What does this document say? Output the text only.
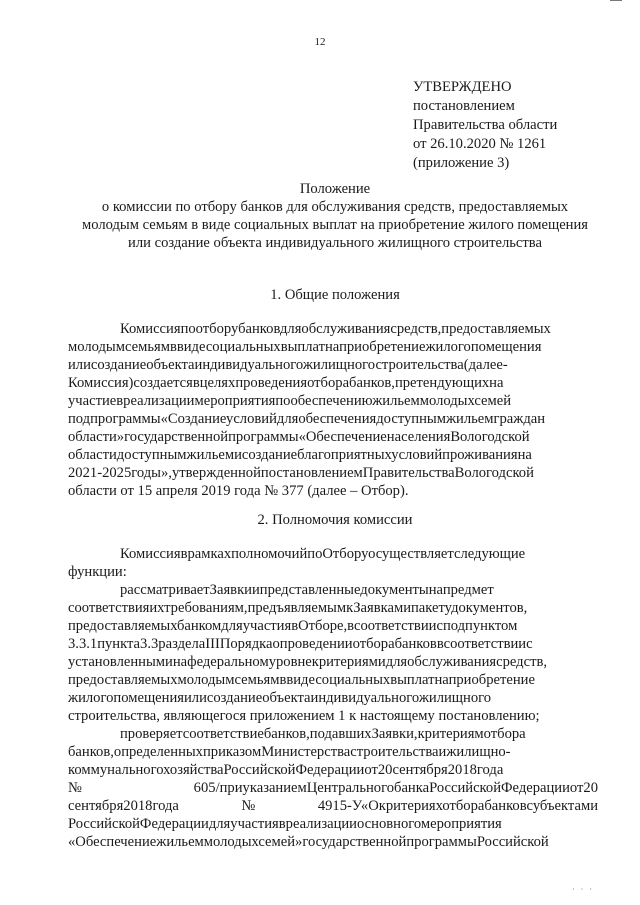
12
УТВЕРЖДЕНО
постановлением
Правительства области
от 26.10.2020 № 1261
(приложение 3)
Положение
о комиссии по отбору банков для обслуживания средств, предоставляемых
молодым семьям в виде социальных выплат на приобретение жилого помещения
или создание объекта индивидуального жилищного строительства
1. Общие положения
Комиссияпоотборубанковдляобслуживаниясредств,предоставляемых
молодымсемьямввидесоциальныхвыплатнаприобретениежилогопомещения
илисозданиеобъектаиндивидуальногожилищногостроительства(далее-
Комиссия)создаетсявцеляхпроведенияотборабанков,претендующихна
участиевреализациимероприятияпообеспечениюжильеммолодыхсемей
подпрограммы«Созданиеусловийдляобеспечениядоступнымжильемграждан
области»государственнойпрограммы«ОбеспечениенаселенияВологодской
областидоступнымжильемисозданиеблагоприятныхусловийпроживанияна
2021-2025годы»,утвержденнойпостановлениемПравительстваВологодской
области от 15 апреля 2019 года № 377 (далее – Отбор).
2. Полномочия комиссии
КомиссияврамкахполномочийпоОтборуосуществляетследующие
функции:
рассматриваетЗаявкиипредставленныедокументынапредмет
соответствияихтребованиям,предъявляемымкЗаявкамипакетудокументов,
предоставляемыхбанкомдляучастиявОтборе,всоответствиисподпунктом
3.3.1пункта3.3разделаIIIПорядкаопроведенииотборабанковвсоответствиис
установленныминафедеральномуровнекритериямидляобслуживаниясредств,
предоставляемыхмолодымсемьямввидесоциальныхвыплатнаприобретение
жилогопомещенияилисозданиеобъектаиндивидуальногожилищного
строительства, являющегося приложением 1 к настоящему постановлению;
проверяетсоответствиебанков,подавшихЗаявки,критериямотбора
банков,определенныхприказомМинистерствастроительстваижилищно-
коммунальногохозяйстваРоссийскойФедерацииот20сентября2018года
№605/приуказаниемЦентральногобанкаРоссийскойФедерацииот20
сентября2018года№4915-У«Окритерияхотборабанковсубъектами
РоссийскойФедерациидляучастиявреализацииосновногомероприятия
«Обеспечениежильеммолодыхсемей»государственнойпрограммыРоссийской
· · ·
